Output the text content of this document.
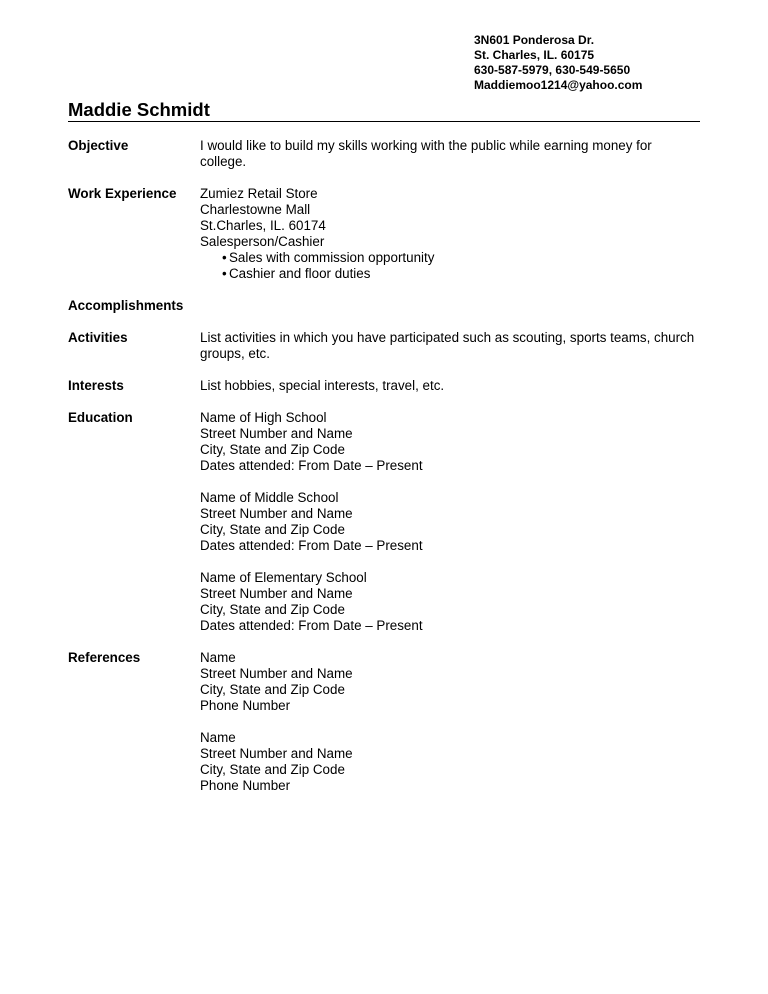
3N601 Ponderosa Dr.
St. Charles, IL. 60175
630-587-5979, 630-549-5650
Maddiemoo1214@yahoo.com
Maddie Schmidt
Objective	I would like to build my skills working with the public while earning money for college.
Work Experience	Zumiez Retail Store
Charlestowne Mall
St.Charles, IL. 60174
Salesperson/Cashier
• Sales with commission opportunity
• Cashier and floor duties
Accomplishments
Activities	List activities in which you have participated such as scouting, sports teams, church groups, etc.
Interests	List hobbies, special interests, travel, etc.
Education	Name of High School
Street Number and Name
City, State and Zip Code
Dates attended: From Date – Present
Name of Middle School
Street Number and Name
City, State and Zip Code
Dates attended: From Date – Present
Name of Elementary School
Street Number and Name
City, State and Zip Code
Dates attended: From Date – Present
References	Name
Street Number and Name
City, State and Zip Code
Phone Number
Name
Street Number and Name
City, State and Zip Code
Phone Number
